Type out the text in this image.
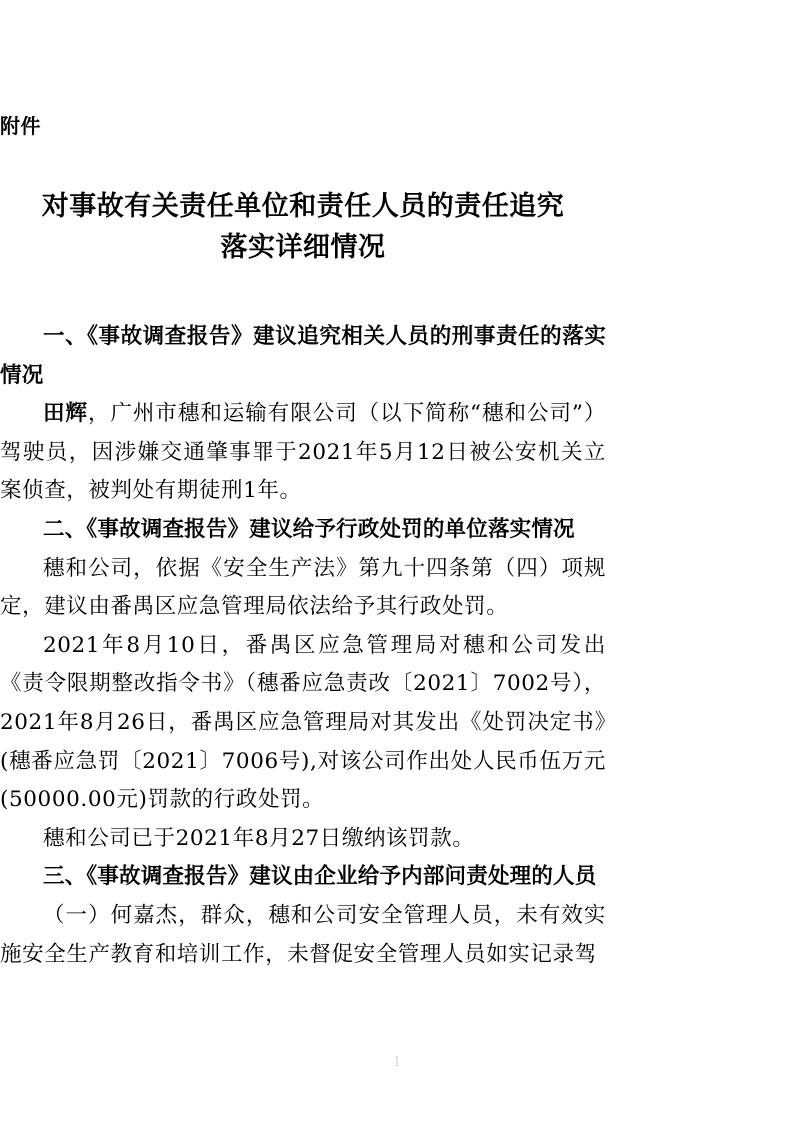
附件
对事故有关责任单位和责任人员的责任追究
落实详细情况

一、《事故调查报告》建议追究相关人员的刑事责任的落实情况

田辉，广州市穗和运输有限公司（以下简称“穗和公司”）驾驶员，因涉嫌交通肇事罪于2021年5月12日被公安机关立案侦查，被判处有期徒刑1年。

二、《事故调查报告》建议给予行政处罚的单位落实情况

穗和公司，依据《安全生产法》第九十四条第（四）项规定，建议由番禺区应急管理局依法给予其行政处罚。

2021年8月10日，番禺区应急管理局对穗和公司发出《责令限期整改指令书》（穗番应急责改〔2021〕7002号），2021年8月26日，番禺区应急管理局对其发出《处罚决定书》(穗番应急罚〔2021〕7006号),对该公司作出处人民币伍万元(50000.00元)罚款的行政处罚。

穗和公司已于2021年8月27日缴纳该罚款。

三、《事故调查报告》建议由企业给予内部问责处理的人员

（一）何嘉杰，群众，穗和公司安全管理人员，未有效实施安全生产教育和培训工作，未督促安全管理人员如实记录驾

1
